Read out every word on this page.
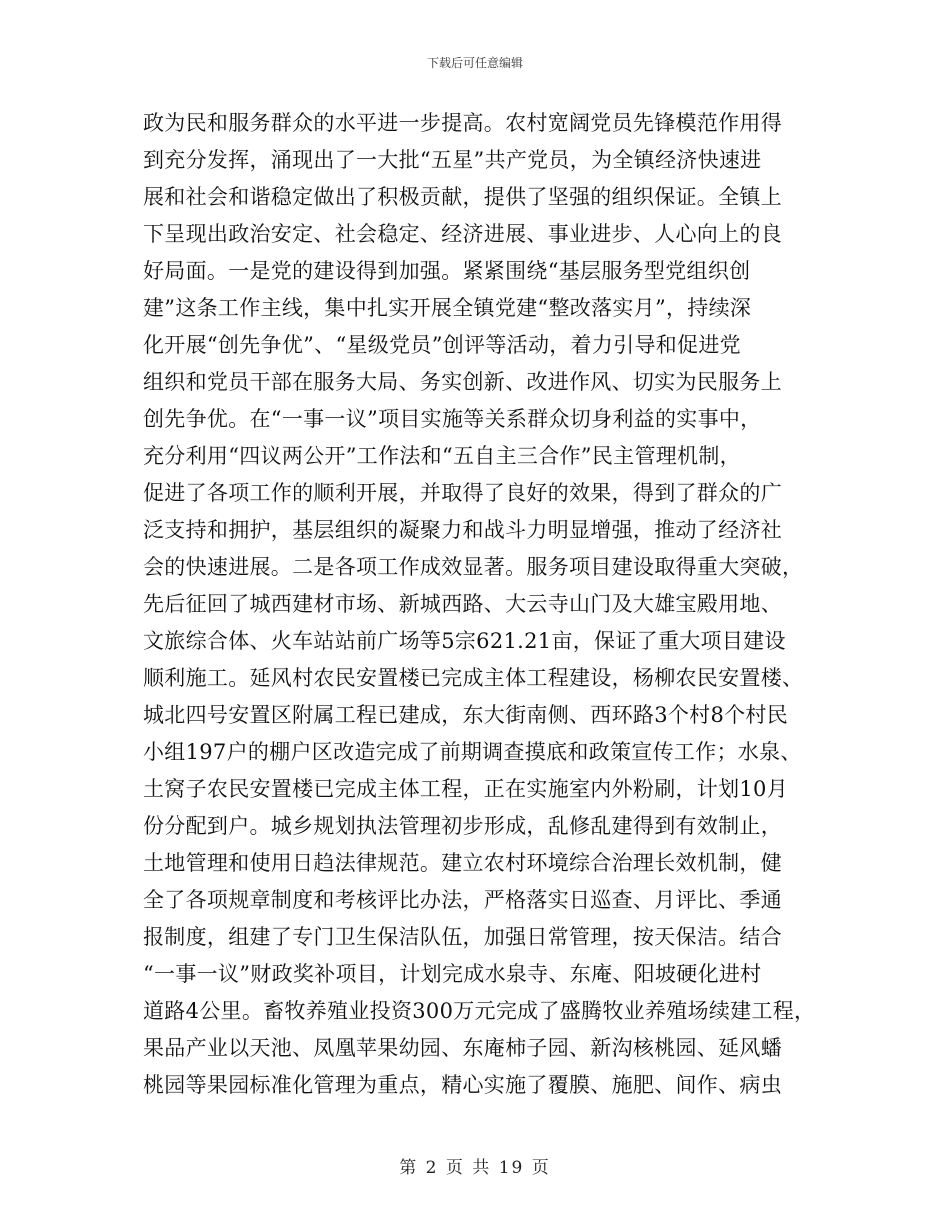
下载后可任意编辑
政为民和服务群众的水平进一步提高。农村宽阔党员先锋模范作用得
到充分发挥，涌现出了一大批“五星”共产党员，为全镇经济快速进
展和社会和谐稳定做出了积极贡献，提供了坚强的组织保证。全镇上
下呈现出政治安定、社会稳定、经济进展、事业进步、人心向上的良
好局面。一是党的建设得到加强。紧紧围绕“基层服务型党组织创
建”这条工作主线，集中扎实开展全镇党建“整改落实月”，持续深
化开展“创先争优”、“星级党员”创评等活动，着力引导和促进党
组织和党员干部在服务大局、务实创新、改进作风、切实为民服务上
创先争优。在“一事一议”项目实施等关系群众切身利益的实事中，
充分利用“四议两公开”工作法和“五自主三合作”民主管理机制，
促进了各项工作的顺利开展，并取得了良好的效果，得到了群众的广
泛支持和拥护，基层组织的凝聚力和战斗力明显增强，推动了经济社
会的快速进展。二是各项工作成效显著。服务项目建设取得重大突破，
先后征回了城西建材市场、新城西路、大云寺山门及大雄宝殿用地、
文旅综合体、火车站站前广场等5宗621.21亩，保证了重大项目建设
顺利施工。延风村农民安置楼已完成主体工程建设，杨柳农民安置楼、
城北四号安置区附属工程已建成，东大街南侧、西环路3个村8个村民
小组197户的棚户区改造完成了前期调查摸底和政策宣传工作；水泉、
土窝子农民安置楼已完成主体工程，正在实施室内外粉刷，计划10月
份分配到户。城乡规划执法管理初步形成，乱修乱建得到有效制止，
土地管理和使用日趋法律规范。建立农村环境综合治理长效机制，健
全了各项规章制度和考核评比办法，严格落实日巡查、月评比、季通
报制度，组建了专门卫生保洁队伍，加强日常管理，按天保洁。结合
“一事一议”财政奖补项目，计划完成水泉寺、东庵、阳坡硬化进村
道路4公里。畜牧养殖业投资300万元完成了盛腾牧业养殖场续建工程，
果品产业以天池、凤凰苹果幼园、东庵柿子园、新沟核桃园、延风蟠
桃园等果园标准化管理为重点，精心实施了覆膜、施肥、间作、病虫
第 2 页 共 19 页
